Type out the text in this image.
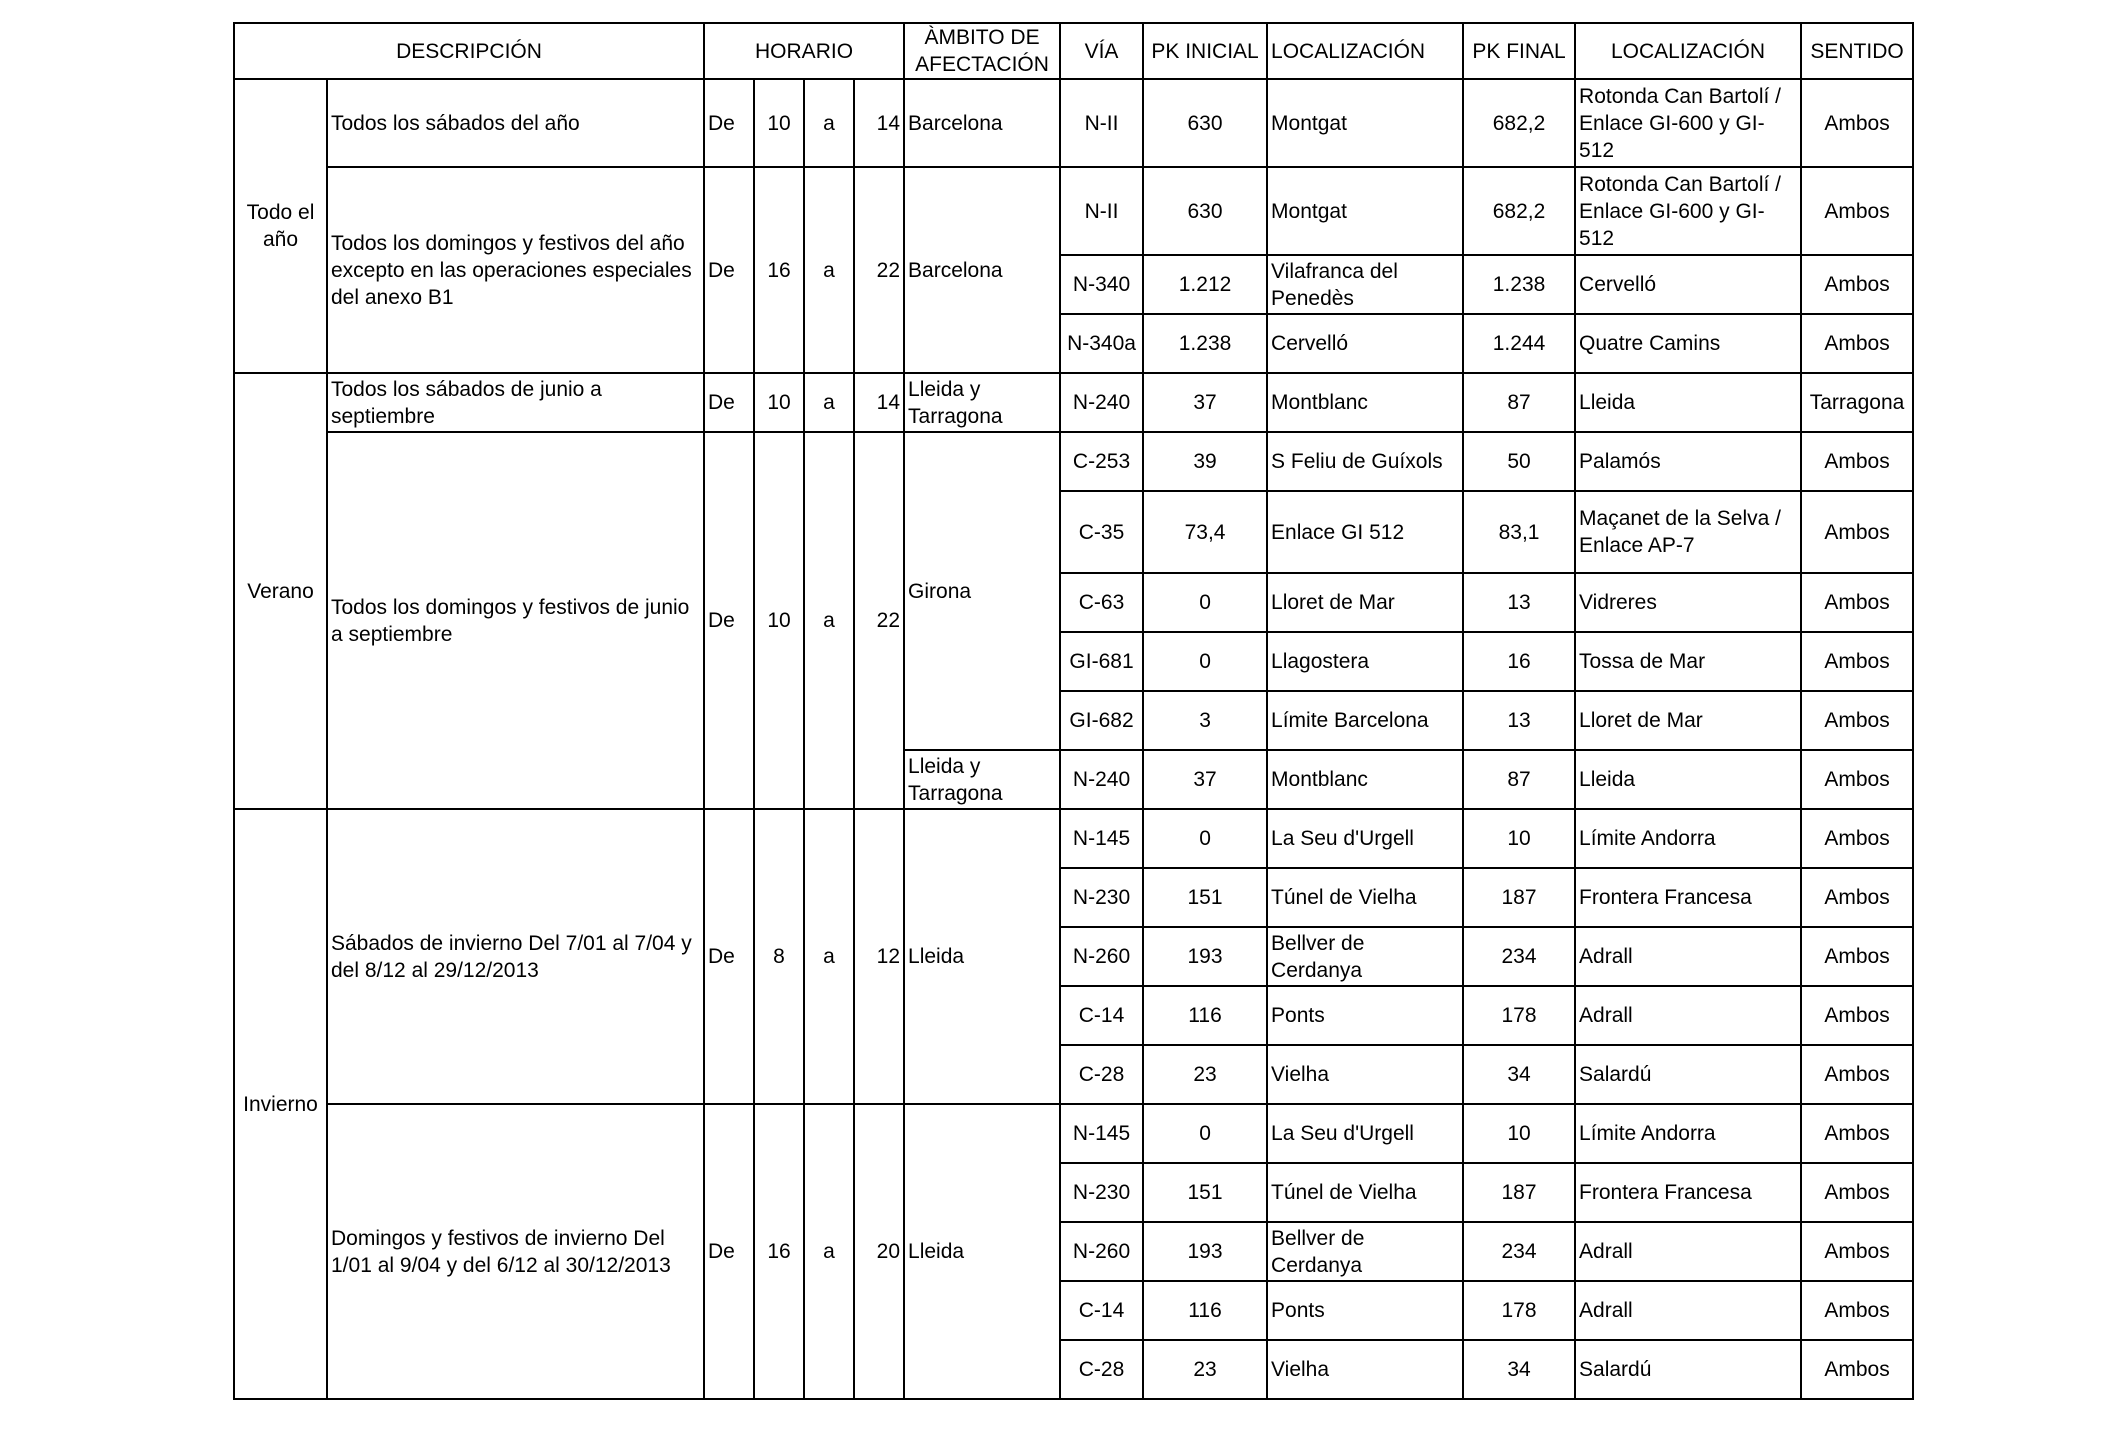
DESCRIPCIÓN		HORARIO				ÀMBITO DE AFECTACIÓN	VÍA	PK INICIAL	LOCALIZACIÓN	PK FINAL	LOCALIZACIÓN	SENTIDO
Todo el año	Todos los sábados del año	De	10	a	14	Barcelona	N-II	630	Montgat	682,2	Rotonda Can Bartolí / Enlace GI-600 y GI-512	Ambos
	Todos los domingos y festivos del año excepto en las operaciones especiales del anexo B1	De	16	a	22	Barcelona	N-II	630	Montgat	682,2	Rotonda Can Bartolí / Enlace GI-600 y GI-512	Ambos
							N-340	1.212	Vilafranca del Penedès	1.238	Cervelló	Ambos
							N-340a	1.238	Cervelló	1.244	Quatre Camins	Ambos
Verano	Todos los sábados de junio a septiembre	De	10	a	14	Lleida y Tarragona	N-240	37	Montblanc	87	Lleida	Tarragona
	Todos los domingos y festivos de junio a septiembre	De	10	a	22	Girona	C-253	39	S Feliu de Guíxols	50	Palamós	Ambos
							C-35	73,4	Enlace GI 512	83,1	Maçanet de la Selva / Enlace AP-7	Ambos
							C-63	0	Lloret de Mar	13	Vidreres	Ambos
							GI-681	0	Llagostera	16	Tossa de Mar	Ambos
							GI-682	3	Límite Barcelona	13	Lloret de Mar	Ambos
						Lleida y Tarragona	N-240	37	Montblanc	87	Lleida	Ambos
Invierno	Sábados de invierno Del 7/01 al 7/04 y del 8/12 al 29/12/2013	De	8	a	12	Lleida	N-145	0	La Seu d'Urgell	10	Límite Andorra	Ambos
							N-230	151	Túnel de Vielha	187	Frontera Francesa	Ambos
							N-260	193	Bellver de Cerdanya	234	Adrall	Ambos
							C-14	116	Ponts	178	Adrall	Ambos
							C-28	23	Vielha	34	Salardú	Ambos
	Domingos y festivos de invierno Del 1/01 al 9/04 y del 6/12 al 30/12/2013	De	16	a	20	Lleida	N-145	0	La Seu d'Urgell	10	Límite Andorra	Ambos
							N-230	151	Túnel de Vielha	187	Frontera Francesa	Ambos
							N-260	193	Bellver de Cerdanya	234	Adrall	Ambos
							C-14	116	Ponts	178	Adrall	Ambos
							C-28	23	Vielha	34	Salardú	Ambos
